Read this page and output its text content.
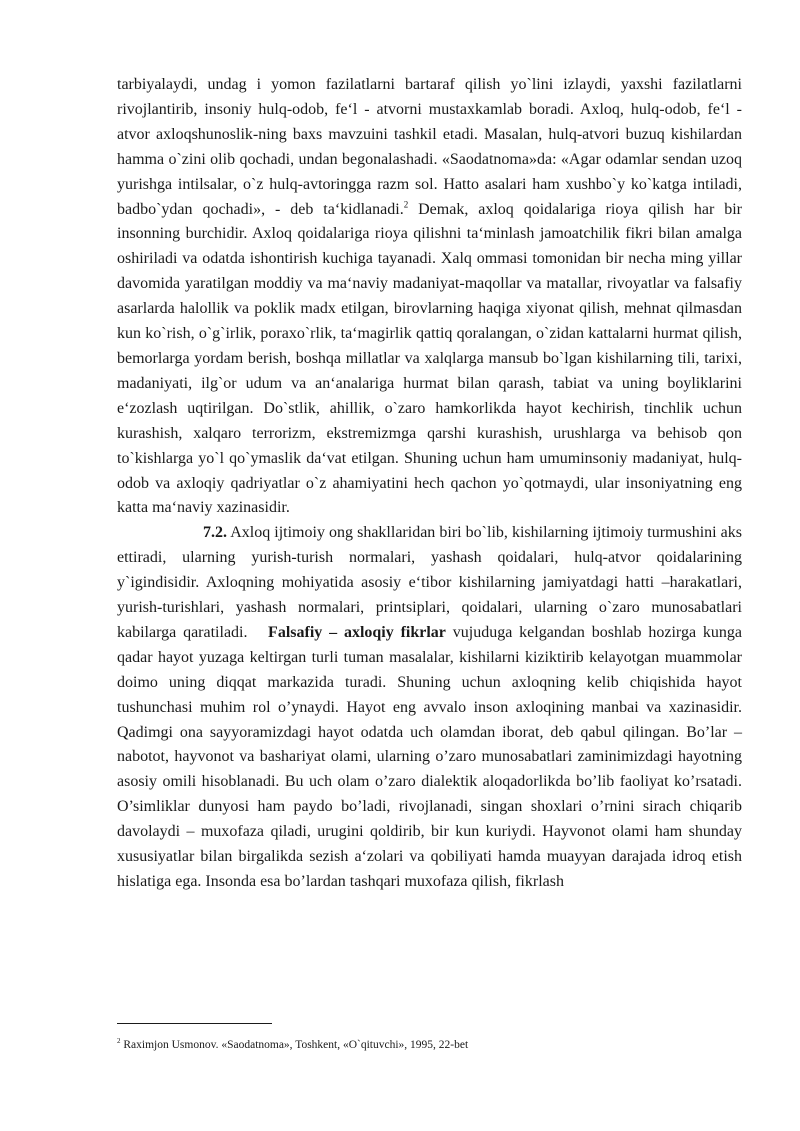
tarbiyalaydi, undag i yomon fazilatlarni bartaraf qilish yo`lini izlaydi, yaxshi fazilatlarni rivojlantirib, insoniy hulq-odob, fe‘l - atvorni mustaxkamlab boradi. Axloq, hulq-odob, fe‘l - atvor axloqshunoslik-ning baxs mavzuini tashkil etadi. Masalan, hulq-atvori buzuq kishilardan hamma o`zini olib qochadi, undan begonalashadi. «Saodatnoma»da: «Agar odamlar sendan uzoq yurishga intilsalar, o`z hulq-avtoringga razm sol. Hatto asalari ham xushbo`y ko`katga intiladi, badbo`ydan qochadi», - deb ta‘kidlanadi.$^2$ Demak, axloq qoidalariga rioya qilish har bir insonning burchidir. Axloq qoidalariga rioya qilishni ta‘minlash jamoatchilik fikri bilan amalga oshiriladi va odatda ishontirish kuchiga tayanadi. Xalq ommasi tomonidan bir necha ming yillar davomida yaratilgan moddiy va ma‘naviy madaniyat-maqollar va matallar, rivoyatlar va falsafiy asarlarda halollik va poklik madx etilgan, birovlarning haqiga xiyonat qilish, mehnat qilmasdan kun ko`rish, o`g`irlik, poraxo`rlik, ta‘magirlik qattiq qoralangan, o`zidan kattalarni hurmat qilish, bemorlarga yordam berish, boshqa millatlar va xalqlarga mansub bo`lgan kishilarning tili, tarixi, madaniyati, ilg`or udum va an‘analariga hurmat bilan qarash, tabiat va uning boyliklarini e‘zozlash uqtirilgan. Do`stlik, ahillik, o`zaro hamkorlikda hayot kechirish, tinchlik uchun kurashish, xalqaro terrorizm, ekstremizmga qarshi kurashish, urushlarga va behisob qon to`kishlarga yo`l qo`ymaslik da‘vat etilgan. Shuning uchun ham umuminsoniy madaniyat, hulq-odob va axloqiy qadriyatlar o`z ahamiyatini hech qachon yo`qotmaydi, ular insoniyatning eng katta ma‘naviy xazinasidir.

7.2. Axloq ijtimoiy ong shakllaridan biri bo`lib, kishilarning ijtimoiy turmushini aks ettiradi, ularning yurish-turish normalari, yashash qoidalari, hulq-atvor qoidalarining y`igindisidir. Axloqning mohiyatida asosiy e‘tibor kishilarning jamiyatdagi hatti –harakatlari, yurish-turishlari, yashash normalari, printsiplari, qoidalari, ularning o`zaro munosabatlari kabilarga qaratiladi. Falsafiy – axloqiy fikrlar vujuduga kelgandan boshlab hozirga kunga qadar hayot yuzaga keltirgan turli tuman masalalar, kishilarni kiziktirib kelayotgan muammolar doimo uning diqqat markazida turadi. Shuning uchun axloqning kelib chiqishida hayot tushunchasi muhim rol o’ynaydi. Hayot eng avvalo inson axloqining manbai va xazinasidir. Qadimgi ona sayyoramizdagi hayot odatda uch olamdan iborat, deb qabul qilingan. Bo’lar – nabotot, hayvonot va bashariyat olami, ularning o’zaro munosabatlari zaminimizdagi hayotning asosiy omili hisoblanadi. Bu uch olam o’zaro dialektik aloqadorlikda bo’lib faoliyat ko’rsatadi. O’simliklar dunyosi ham paydo bo’ladi, rivojlanadi, singan shoxlari o’rnini sirach chiqarib davolaydi – muxofaza qiladi, urugini qoldirib, bir kun kuriydi. Hayvonot olami ham shunday xususiyatlar bilan birgalikda sezish a‘zolari va qobiliyati hamda muayyan darajada idroq etish hislatiga ega. Insonda esa bo’lardan tashqari muxofaza qilish, fikrlash

$^2$ Raximjon Usmonov. «Saodatnoma», Toshkent, «O`qituvchi», 1995, 22-bet
